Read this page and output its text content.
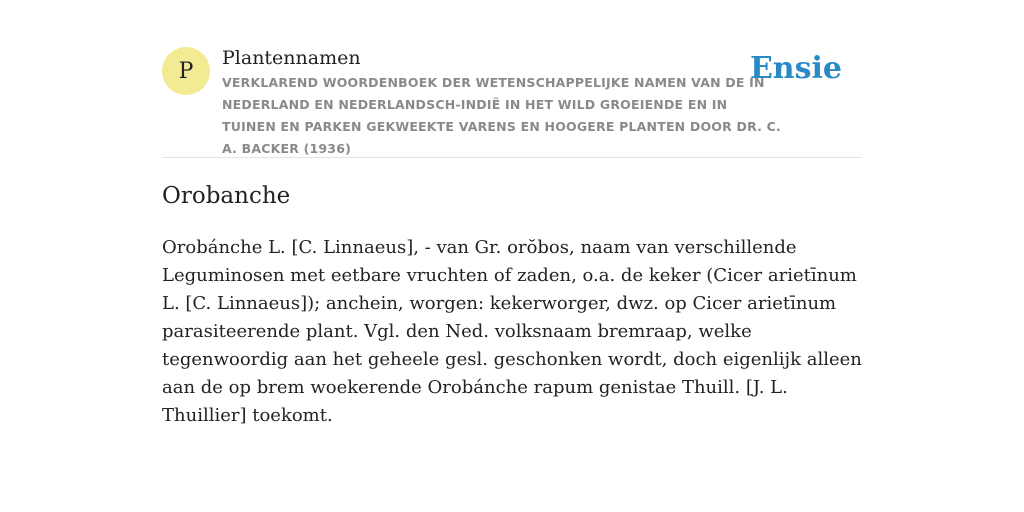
P
Plantennamen
VERKLAREND WOORDENBOEK DER WETENSCHAPPELIJKE NAMEN VAN DE IN NEDERLAND EN NEDERLANDSCH-INDIË IN HET WILD GROEIENDE EN IN TUINEN EN PARKEN GEKWEEKTE VARENS EN HOOGERE PLANTEN DOOR DR. C. A. BACKER (1936)
Ensie
Orobanche

Orobánche L. [C. Linnaeus], - van Gr. orŏbos, naam van verschillende Leguminosen met eetbare vruchten of zaden, o.a. de keker (Cicer arietīnum L. [C. Linnaeus]); anchein, worgen: kekerworger, dwz. op Cicer arietīnum parasiteerende plant. Vgl. den Ned. volksnaam bremraap, welke tegenwoordig aan het geheele gesl. geschonken wordt, doch eigenlijk alleen aan de op brem woekerende Orobánche rapum genistae Thuill. [J. L. Thuillier] toekomt.
